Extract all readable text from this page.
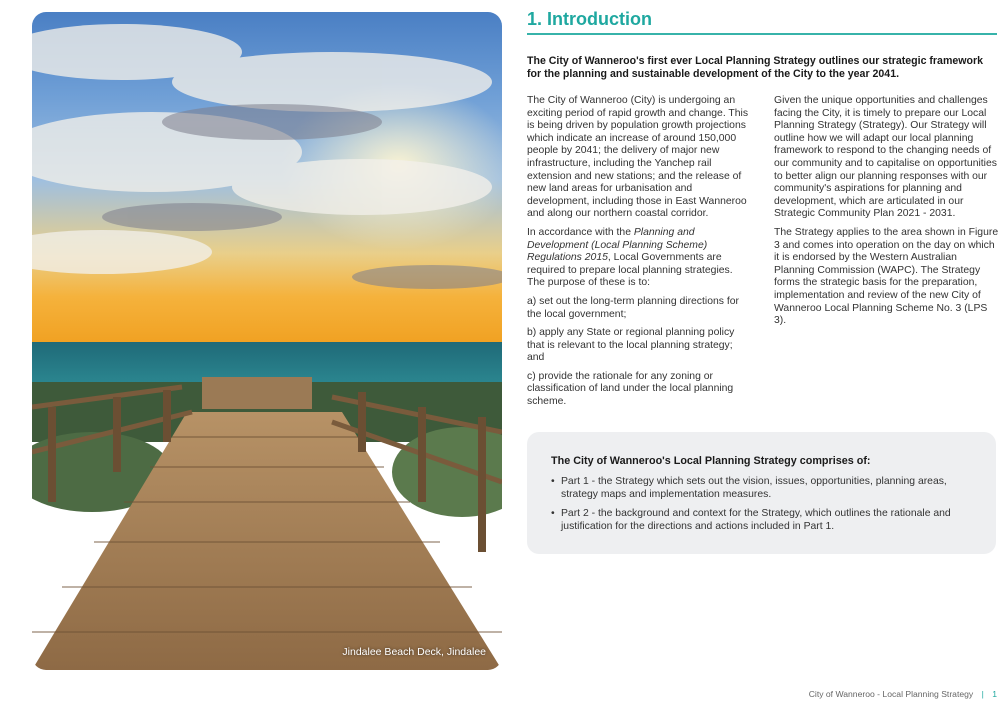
Jindalee Beach Deck, Jindalee
1. Introduction

The City of Wanneroo's first ever Local Planning Strategy outlines our strategic framework for the planning and sustainable development of the City to the year 2041.

The City of Wanneroo (City) is undergoing an exciting period of rapid growth and change. This is being driven by population growth projections which indicate an increase of around 150,000 people by 2041; the delivery of major new infrastructure, including the Yanchep rail extension and new stations; and the release of new land areas for urbanisation and development, including those in East Wanneroo and along our northern coastal corridor.

In accordance with the Planning and Development (Local Planning Scheme) Regulations 2015, Local Governments are required to prepare local planning strategies. The purpose of these is to:

a) set out the long-term planning directions for the local government;

b) apply any State or regional planning policy that is relevant to the local planning strategy; and

c) provide the rationale for any zoning or classification of land under the local planning scheme.

Given the unique opportunities and challenges facing the City, it is timely to prepare our Local Planning Strategy (Strategy). Our Strategy will outline how we will adapt our local planning framework to respond to the changing needs of our community and to capitalise on opportunities to better align our planning responses with our community's aspirations for planning and development, which are articulated in our Strategic Community Plan 2021 - 2031.

The Strategy applies to the area shown in Figure 3 and comes into operation on the day on which it is endorsed by the Western Australian Planning Commission (WAPC). The Strategy forms the strategic basis for the preparation, implementation and review of the new City of Wanneroo Local Planning Scheme No. 3 (LPS 3).

The City of Wanneroo's Local Planning Strategy comprises of:
• Part 1 - the Strategy which sets out the vision, issues, opportunities, planning areas, strategy maps and implementation measures.
• Part 2 - the background and context for the Strategy, which outlines the rationale and justification for the directions and actions included in Part 1.
City of Wanneroo - Local Planning Strategy | 1
